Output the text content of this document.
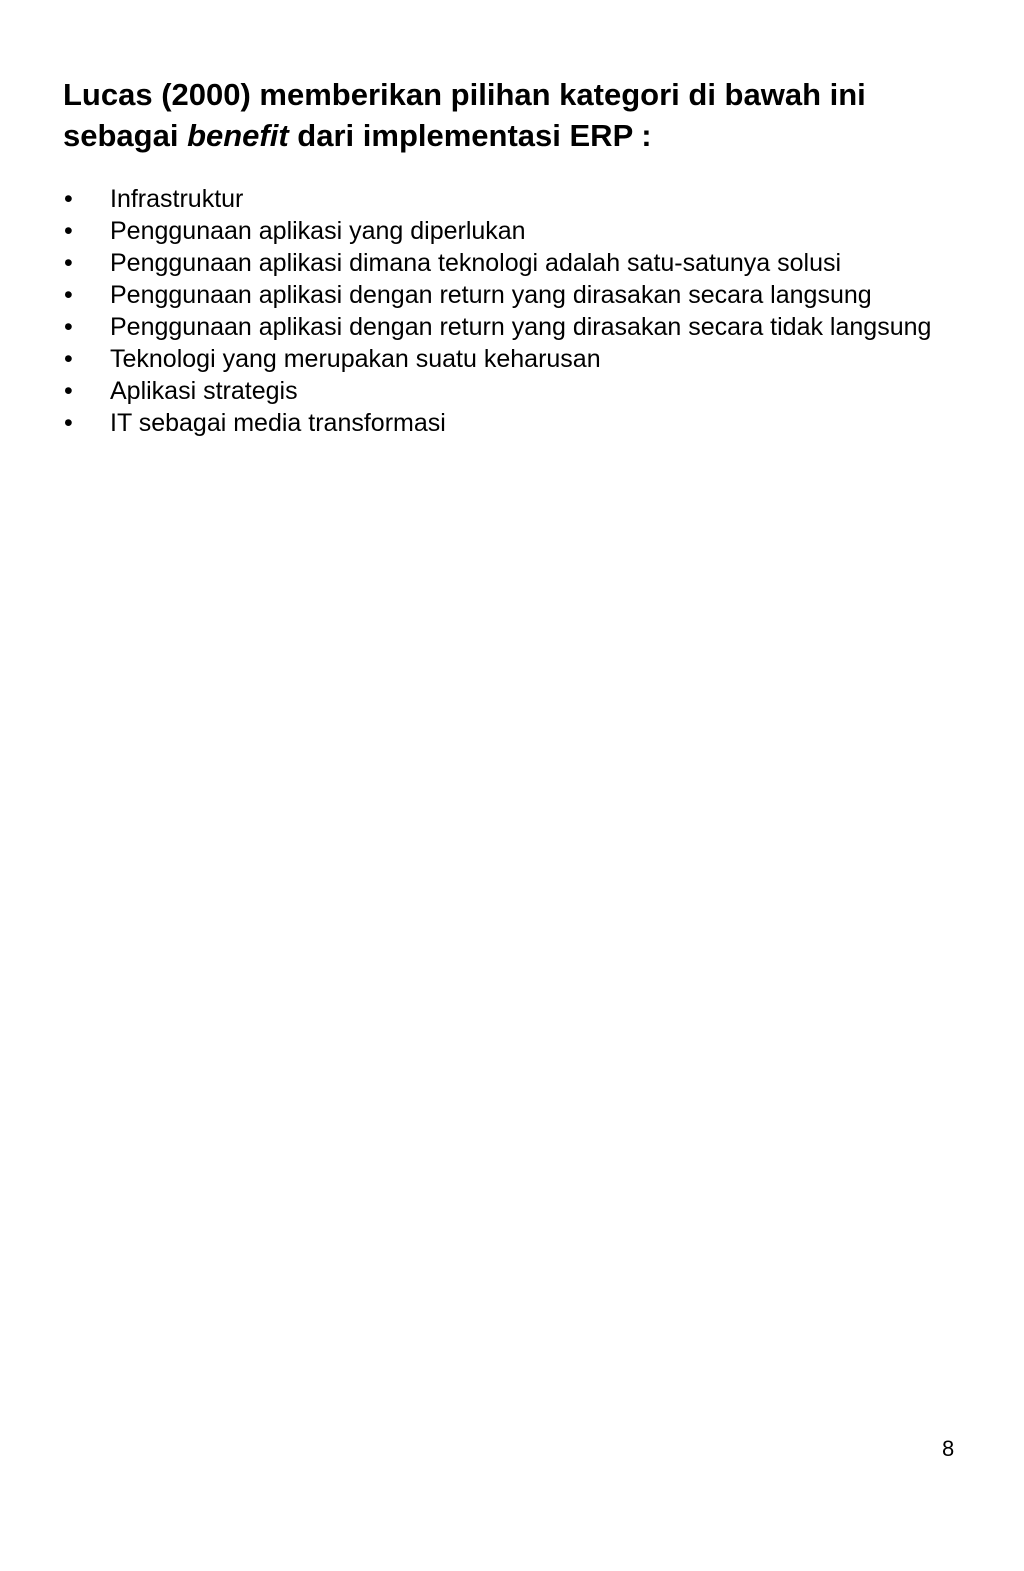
Lucas (2000) memberikan pilihan kategori di bawah ini
sebagai benefit dari implementasi ERP :
•	Infrastruktur
•	Penggunaan aplikasi yang diperlukan
•	Penggunaan aplikasi dimana teknologi adalah satu-satunya solusi
•	Penggunaan aplikasi dengan return yang dirasakan secara langsung
•	Penggunaan aplikasi dengan return yang dirasakan secara tidak langsung
•	Teknologi yang merupakan suatu keharusan
•	Aplikasi strategis
•	IT sebagai media transformasi
8
